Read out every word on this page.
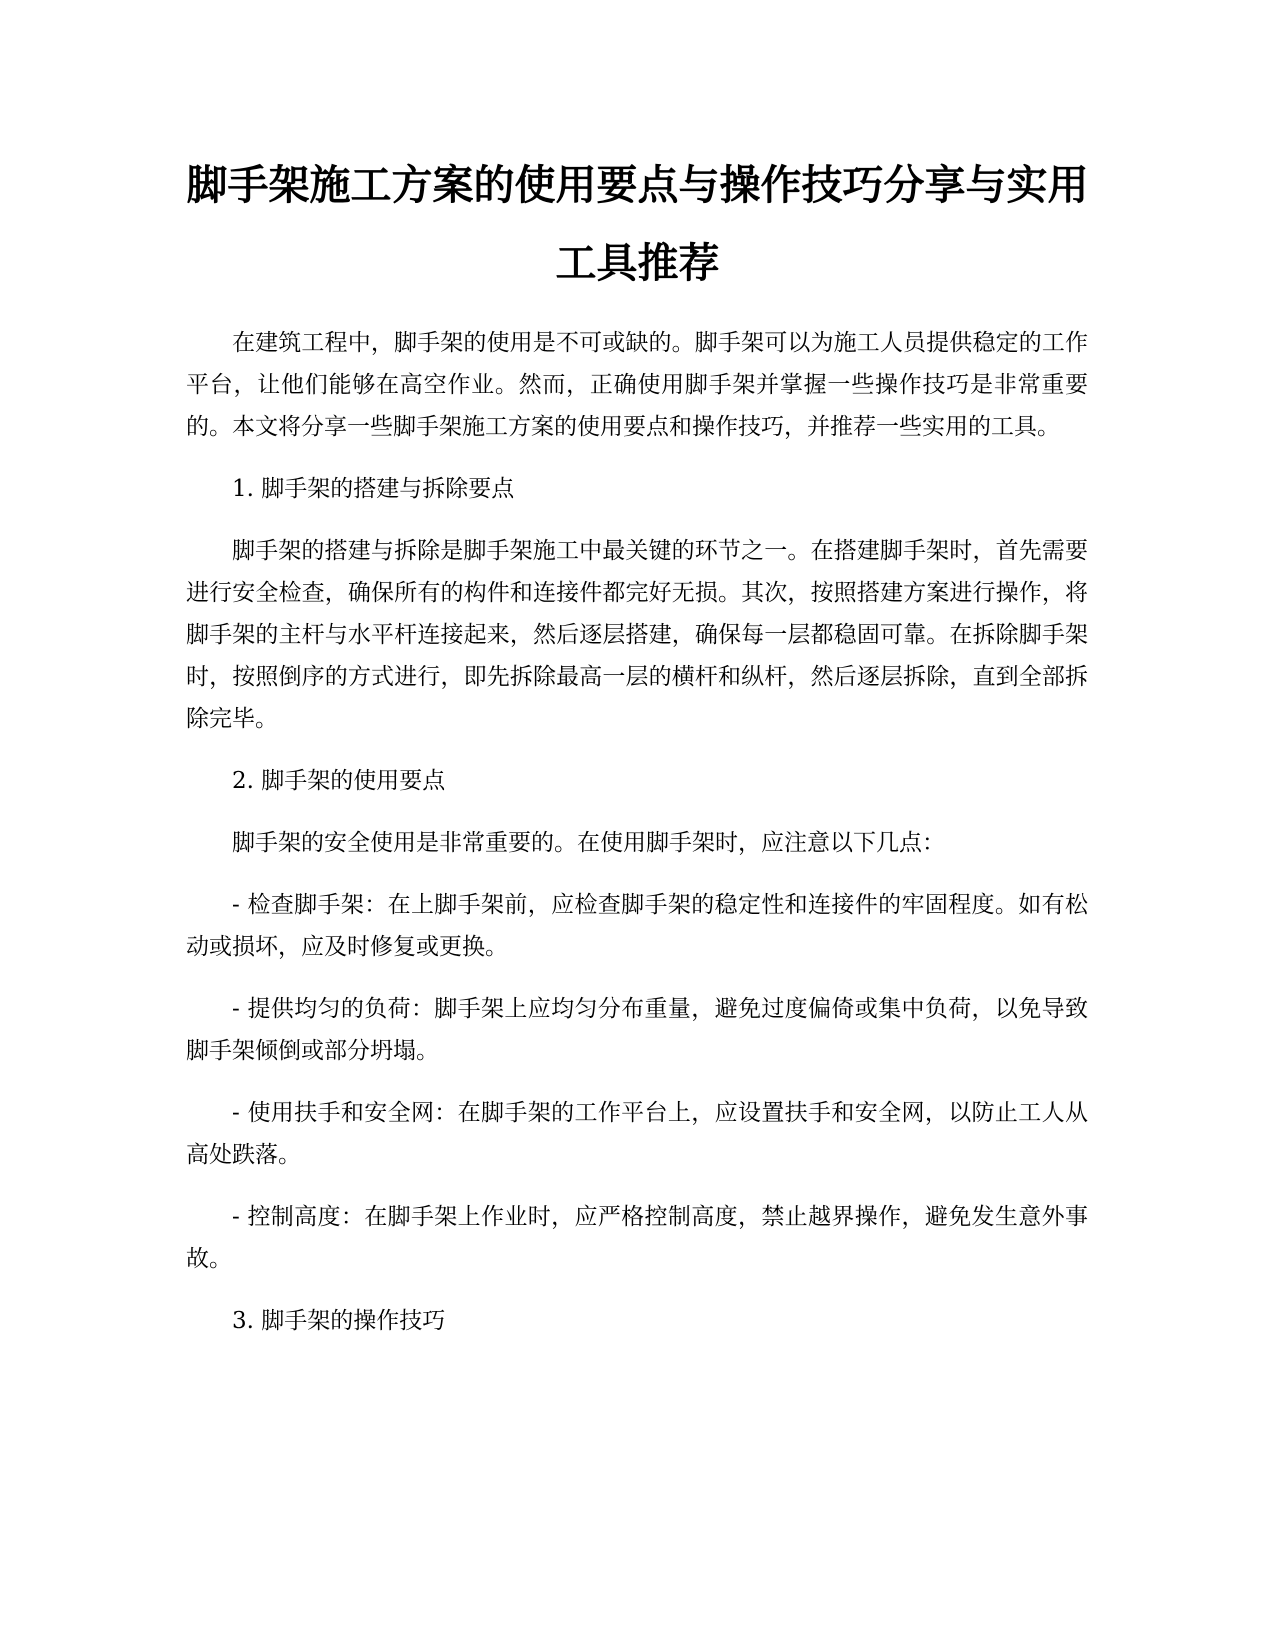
脚手架施工方案的使用要点与操作技巧分享与实用工具推荐

在建筑工程中，脚手架的使用是不可或缺的。脚手架可以为施工人员提供稳定的工作平台，让他们能够在高空作业。然而，正确使用脚手架并掌握一些操作技巧是非常重要的。本文将分享一些脚手架施工方案的使用要点和操作技巧，并推荐一些实用的工具。

1. 脚手架的搭建与拆除要点

脚手架的搭建与拆除是脚手架施工中最关键的环节之一。在搭建脚手架时，首先需要进行安全检查，确保所有的构件和连接件都完好无损。其次，按照搭建方案进行操作，将脚手架的主杆与水平杆连接起来，然后逐层搭建，确保每一层都稳固可靠。在拆除脚手架时，按照倒序的方式进行，即先拆除最高一层的横杆和纵杆，然后逐层拆除，直到全部拆除完毕。

2. 脚手架的使用要点

脚手架的安全使用是非常重要的。在使用脚手架时，应注意以下几点：

- 检查脚手架：在上脚手架前，应检查脚手架的稳定性和连接件的牢固程度。如有松动或损坏，应及时修复或更换。

- 提供均匀的负荷：脚手架上应均匀分布重量，避免过度偏倚或集中负荷，以免导致脚手架倾倒或部分坍塌。

- 使用扶手和安全网：在脚手架的工作平台上，应设置扶手和安全网，以防止工人从高处跌落。

- 控制高度：在脚手架上作业时，应严格控制高度，禁止越界操作，避免发生意外事故。

3. 脚手架的操作技巧
